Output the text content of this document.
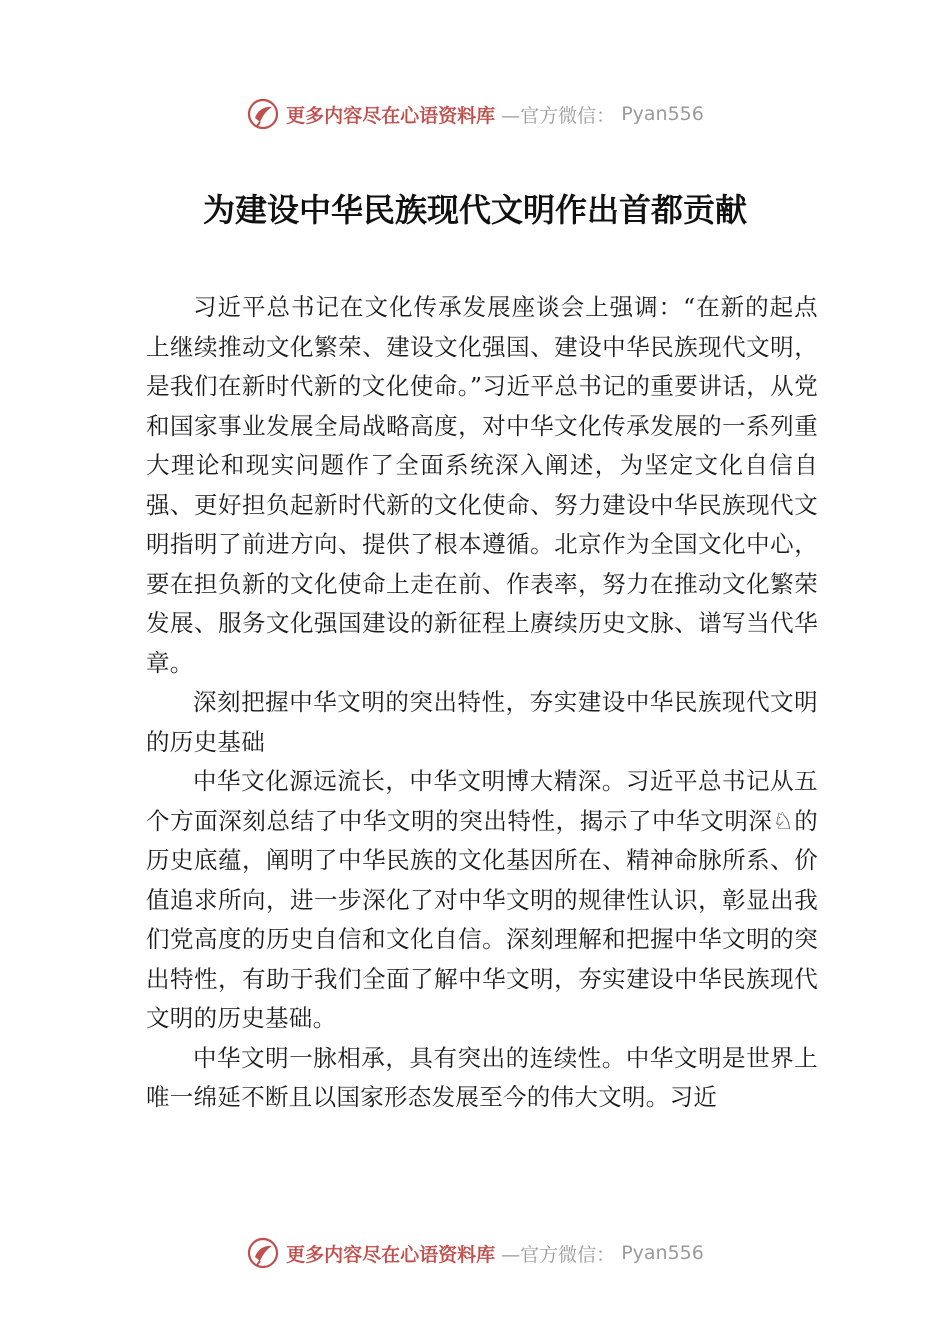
更多内容尽在心语资料库 —官方微信： Pyan556
为建设中华民族现代文明作出首都贡献

习近平总书记在文化传承发展座谈会上强调：“在新的起点上继续推动文化繁荣、建设文化强国、建设中华民族现代文明，是我们在新时代新的文化使命。”习近平总书记的重要讲话，从党和国家事业发展全局战略高度，对中华文化传承发展的一系列重大理论和现实问题作了全面系统深入阐述，为坚定文化自信自强、更好担负起新时代新的文化使命、努力建设中华民族现代文明指明了前进方向、提供了根本遵循。北京作为全国文化中心，要在担负新的文化使命上走在前、作表率，努力在推动文化繁荣发展、服务文化强国建设的新征程上赓续历史文脉、谱写当代华章。

深刻把握中华文明的突出特性，夯实建设中华民族现代文明的历史基础

中华文化源远流长，中华文明博大精深。习近平总书记从五个方面深刻总结了中华文明的突出特性，揭示了中华文明深♘的历史底蕴，阐明了中华民族的文化基因所在、精神命脉所系、价值追求所向，进一步深化了对中华文明的规律性认识，彰显出我们党高度的历史自信和文化自信。深刻理解和把握中华文明的突出特性，有助于我们全面了解中华文明，夯实建设中华民族现代文明的历史基础。

中华文明一脉相承，具有突出的连续性。中华文明是世界上唯一绵延不断且以国家形态发展至今的伟大文明。习近

更多内容尽在心语资料库 —官方微信： Pyan556
